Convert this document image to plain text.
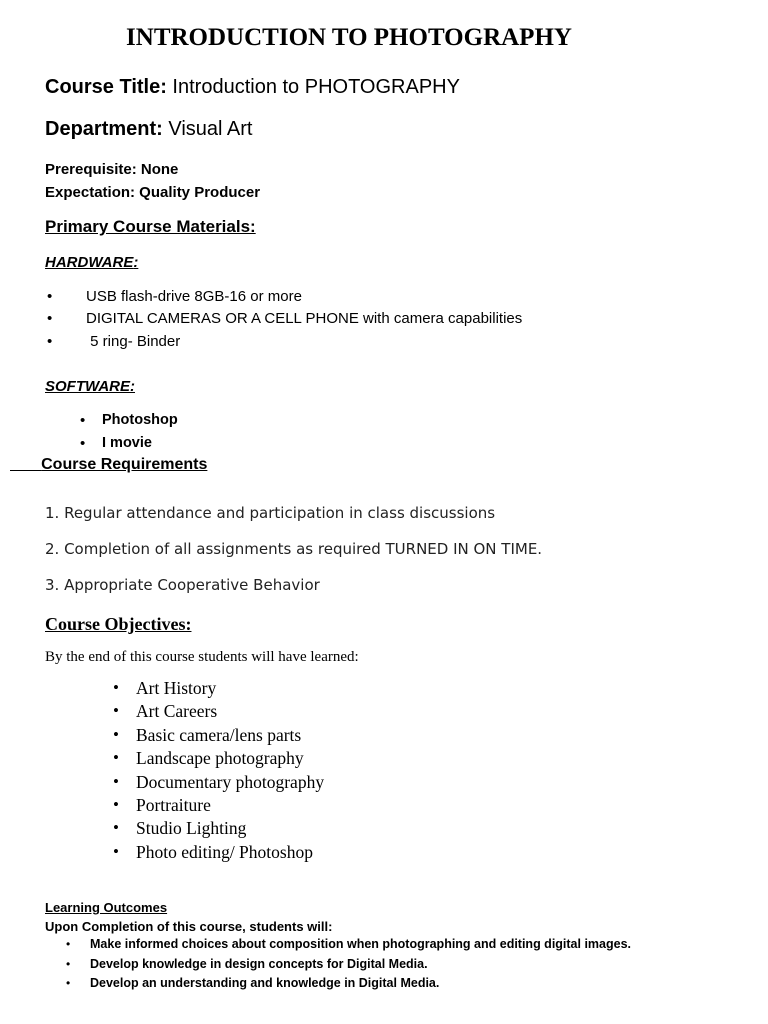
INTRODUCTION TO PHOTOGRAPHY
Course Title: Introduction to PHOTOGRAPHY
Department: Visual Art
Prerequisite: None
Expectation: Quality Producer
Primary Course Materials:
HARDWARE:
• USB flash-drive 8GB-16 or more
• DIGITAL CAMERAS OR A CELL PHONE with camera capabilities
• 5 ring- Binder
SOFTWARE:
• Photoshop
• I movie
Course Requirements
1. Regular attendance and participation in class discussions
2. Completion of all assignments as required TURNED IN ON TIME.
3. Appropriate Cooperative Behavior
Course Objectives:
By the end of this course students will have learned:
• Art History
• Art Careers
• Basic camera/lens parts
• Landscape photography
• Documentary photography
• Portraiture
• Studio Lighting
• Photo editing/ Photoshop
Learning Outcomes
Upon Completion of this course, students will:
• Make informed choices about composition when photographing and editing digital images.
• Develop knowledge in design concepts for Digital Media.
• Develop an understanding and knowledge in Digital Media.
